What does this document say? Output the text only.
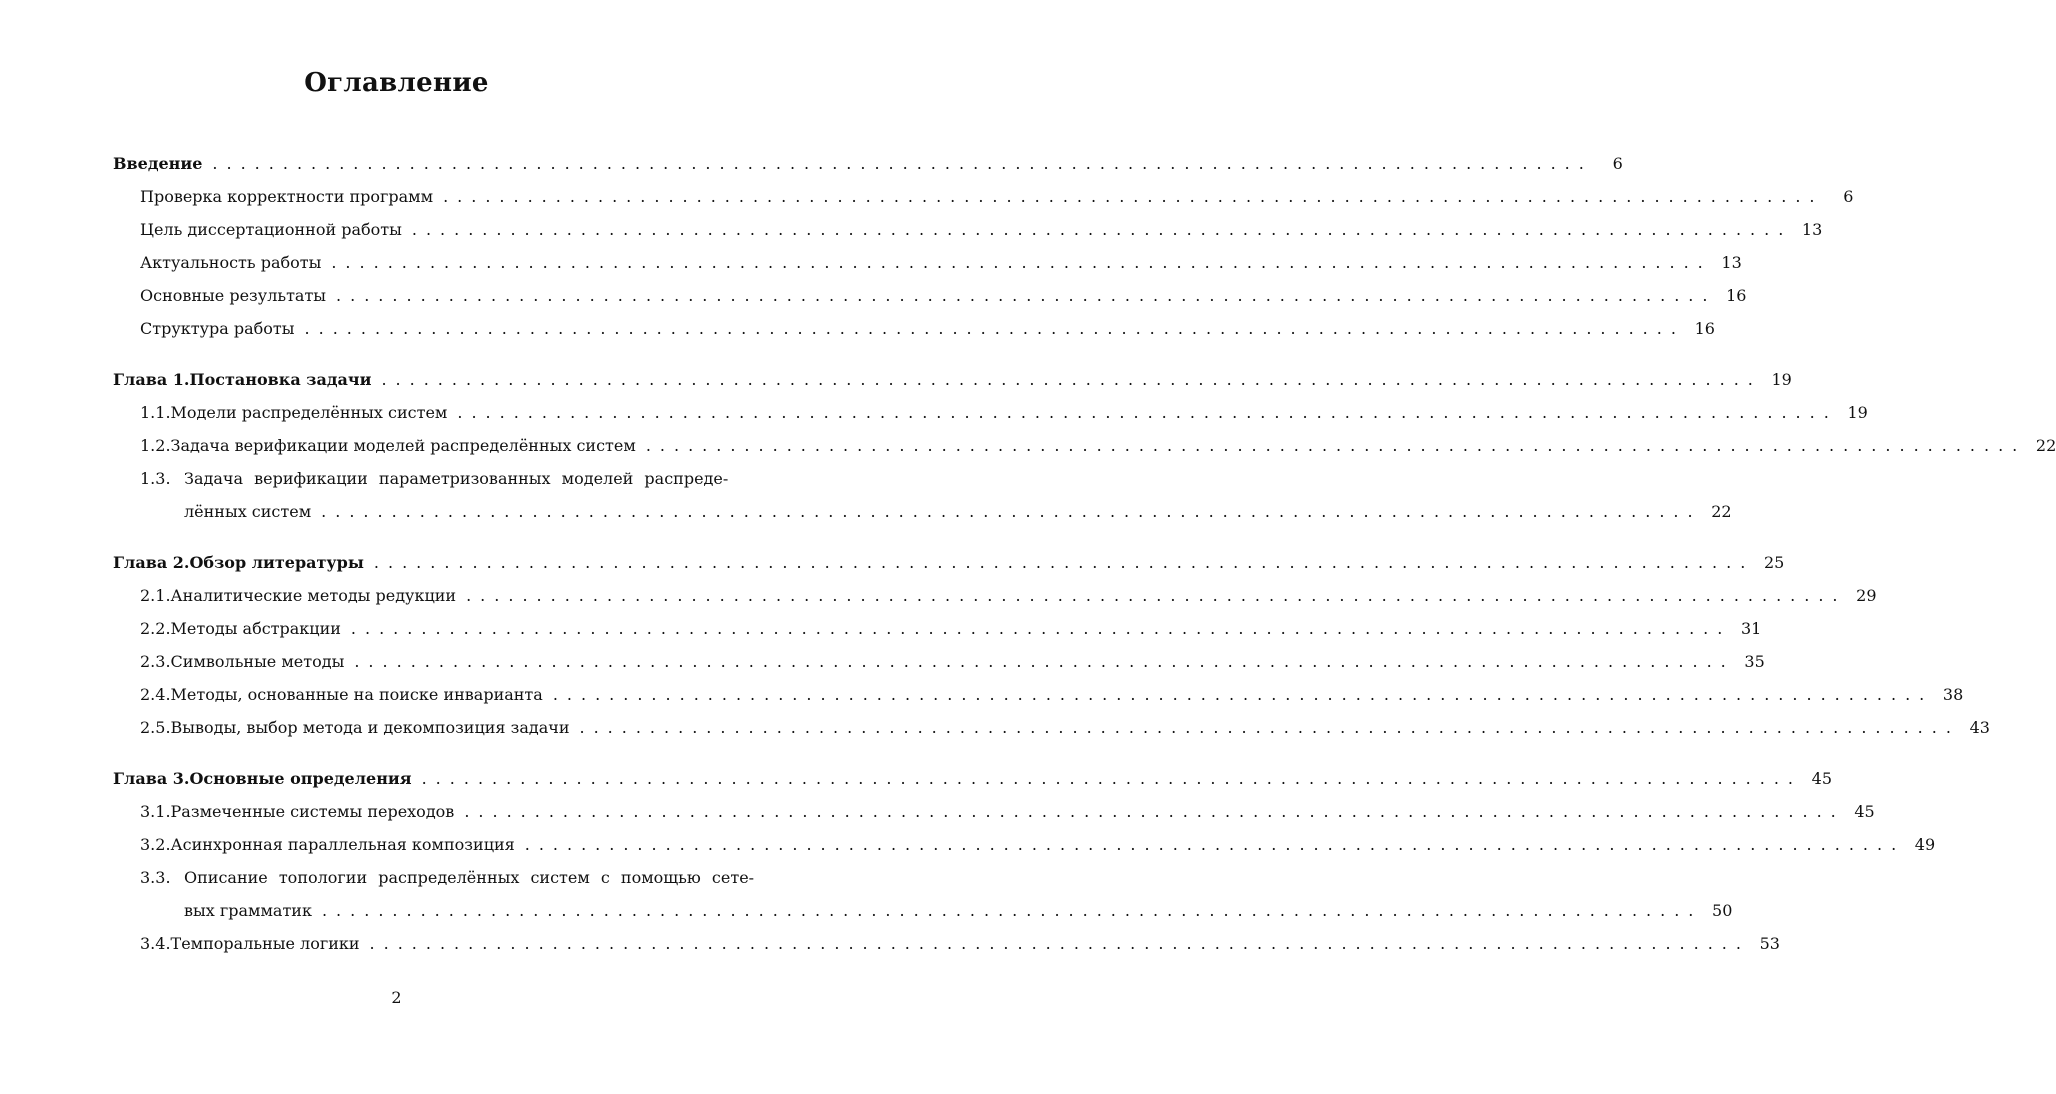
Оглавление
Введение ..................................................................................................	6
Проверка корректности программ ..................................................................................................	6
Цель диссертационной работы .................................................................................................. 13
Актуальность работы .................................................................................................. 13
Основные результаты .................................................................................................. 16
Структура работы .................................................................................................. 16
Глава 1. Постановка задачи .................................................................................................. 19
1.1. Модели распределённых систем .................................................................................................. 19
1.2. Задача верификации моделей распределённых систем .................................................................................................. 22
1.3. Задача верификации параметризованных моделей распреде-
лённых систем .................................................................................................. 22
Глава 2. Обзор литературы .................................................................................................. 25
2.1. Аналитические методы редукции .................................................................................................. 29
2.2. Методы абстракции .................................................................................................. 31
2.3. Символьные методы .................................................................................................. 35
2.4. Методы, основанные на поиске инварианта .................................................................................................. 38
2.5. Выводы, выбор метода и декомпозиция задачи .................................................................................................. 43
Глава 3. Основные определения .................................................................................................. 45
3.1. Размеченные системы переходов .................................................................................................. 45
3.2. Асинхронная параллельная композиция .................................................................................................. 49
3.3. Описание топологии распределённых систем с помощью сете-
вых грамматик .................................................................................................. 50
3.4. Темпоральные логики .................................................................................................. 53
2
